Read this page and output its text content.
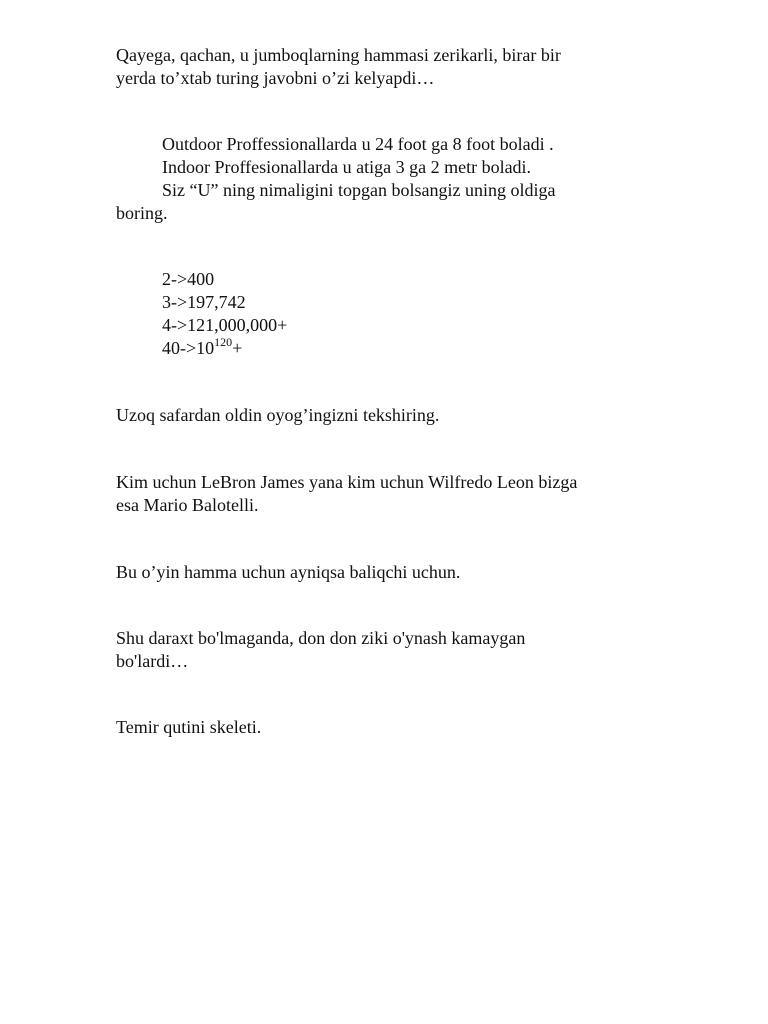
Qayega, qachan, u jumboqlarning hammasi zerikarli, birar bir
yerda to’xtab turing javobni o’zi kelyapdi…
Outdoor Proffessionallarda u 24 foot ga 8 foot boladi .
Indoor Proffesionallarda u atiga 3 ga 2 metr boladi.
Siz “U” ning nimaligini topgan bolsangiz uning oldiga
boring.
2->400
3->197,742
4->121,000,000+
$40->10^{120}+$
Uzoq safardan oldin oyog’ingizni tekshiring.
Kim uchun LeBron James yana kim uchun Wilfredo Leon bizga
esa Mario Balotelli.
Bu o’yin hamma uchun ayniqsa baliqchi uchun.
Shu daraxt bo'lmaganda, don don ziki o'ynash kamaygan
bo'lardi…
Temir qutini skeleti.
